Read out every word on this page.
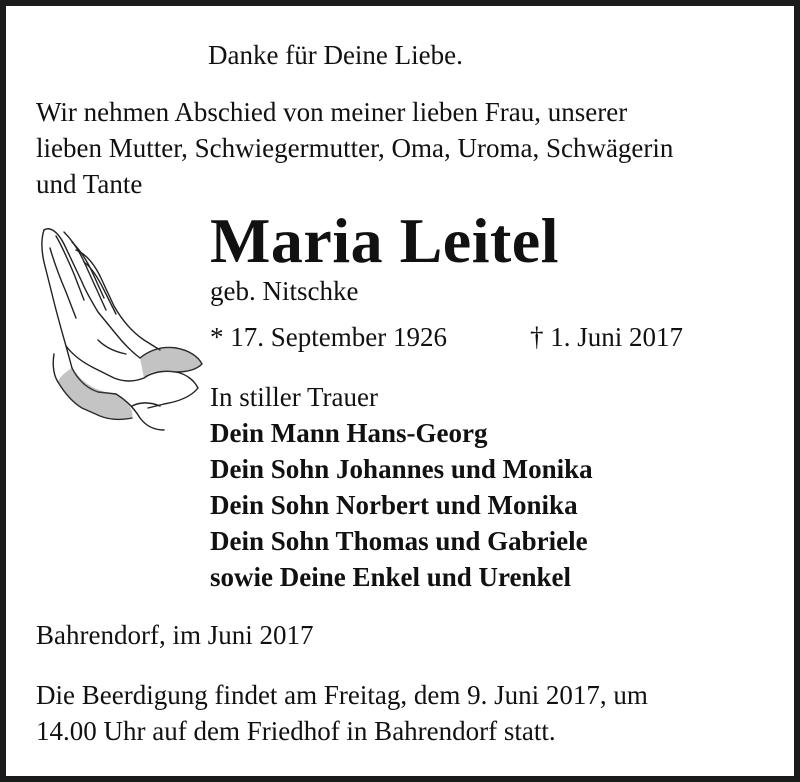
Danke für Deine Liebe.
Wir nehmen Abschied von meiner lieben Frau, unserer
lieben Mutter, Schwiegermutter, Oma, Uroma, Schwägerin
und Tante
Maria Leitel
geb. Nitschke
* 17. September 1926	† 1. Juni 2017
In stiller Trauer
Dein Mann Hans-Georg
Dein Sohn Johannes und Monika
Dein Sohn Norbert und Monika
Dein Sohn Thomas und Gabriele
sowie Deine Enkel und Urenkel
Bahrendorf, im Juni 2017
Die Beerdigung findet am Freitag, dem 9. Juni 2017, um
14.00 Uhr auf dem Friedhof in Bahrendorf statt.
